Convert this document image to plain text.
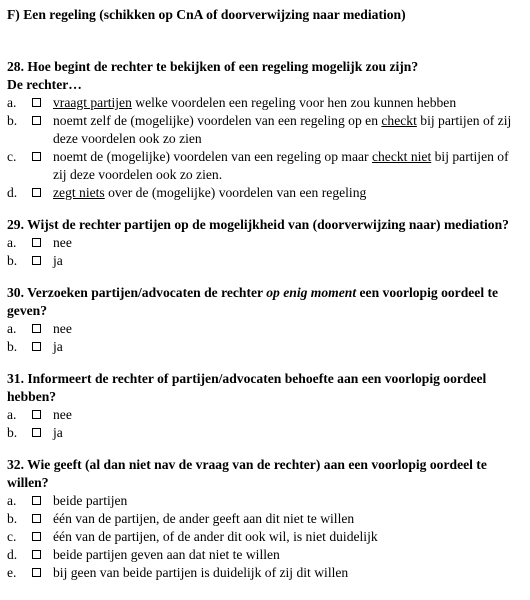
F) Een regeling (schikken op CnA of doorverwijzing naar mediation)
28. Hoe begint de rechter te bekijken of een regeling mogelijk zou zijn?
De rechter…
a.	vraagt partijen welke voordelen een regeling voor hen zou kunnen hebben
b.	noemt zelf de (mogelijke) voordelen van een regeling op en checkt bij partijen of zij deze voordelen ook zo zien
c.	noemt de (mogelijke) voordelen van een regeling op maar checkt niet bij partijen of zij deze voordelen ook zo zien.
d.	zegt niets over de (mogelijke) voordelen van een regeling
29. Wijst de rechter partijen op de mogelijkheid van (doorverwijzing naar) mediation?
a.	nee
b.	ja
30. Verzoeken partijen/advocaten de rechter op enig moment een voorlopig oordeel te geven?
a.	nee
b.	ja
31. Informeert de rechter of partijen/advocaten behoefte aan een voorlopig oordeel hebben?
a.	nee
b.	ja
32. Wie geeft (al dan niet nav de vraag van de rechter) aan een voorlopig oordeel te willen?
a.	beide partijen
b.	één van de partijen, de ander geeft aan dit niet te willen
c.	één van de partijen, of de ander dit ook wil, is niet duidelijk
d.	beide partijen geven aan dat niet te willen
e.	bij geen van beide partijen is duidelijk of zij dit willen
